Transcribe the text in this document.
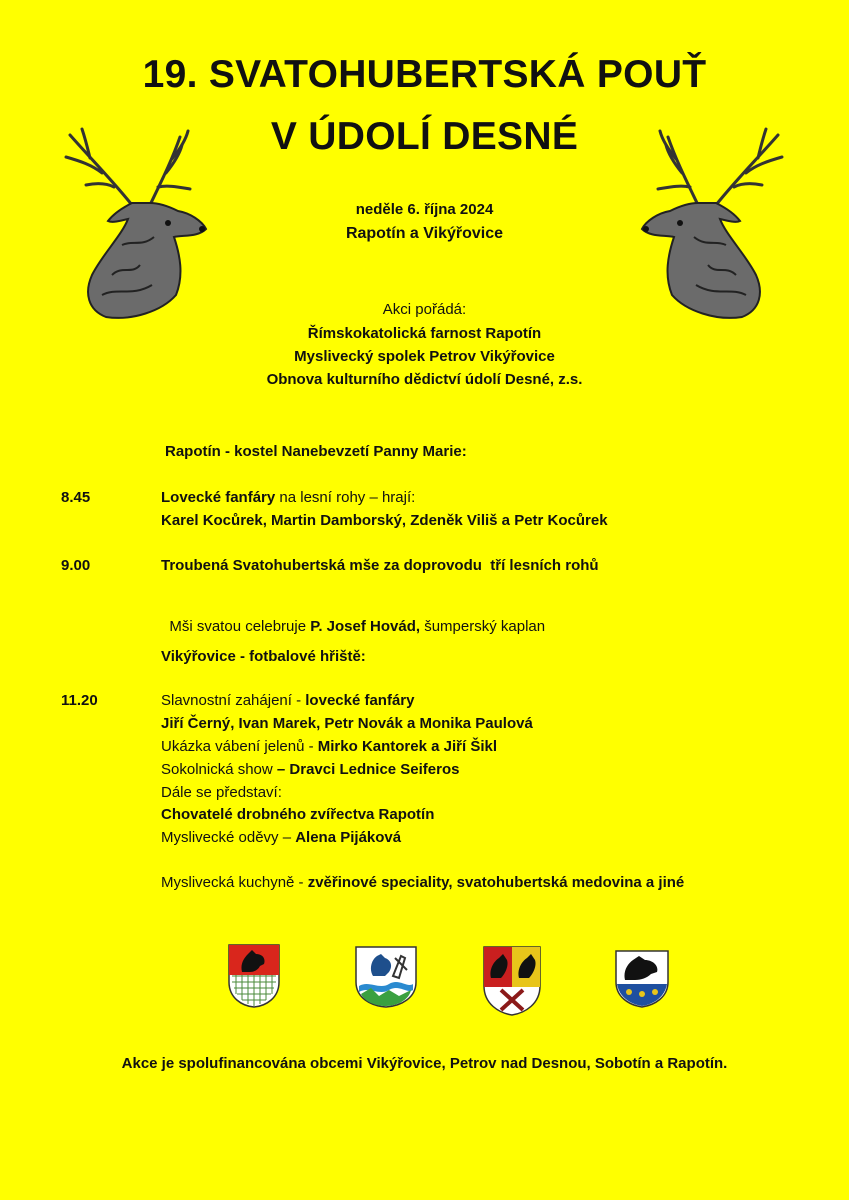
19. SVATOHUBERTSKÁ POUŤ
V ÚDOLÍ DESNÉ
neděle 6. října 2024
Rapotín a Vikýřovice
Akci pořádá:
Římskokatolická farnost Rapotín
Myslivecký spolek Petrov Vikýřovice
Obnova kulturního dědictví údolí Desné, z.s.
Rapotín - kostel Nanebevzetí Panny Marie:
8.45	Lovecké fanfáry na lesní rohy – hrají:
Karel Kocůrek, Martin Damborský, Zdeněk Viliš a Petr Kocůrek
9.00	Troubená Svatohubertská mše za doprovodu  tří lesních rohů

Mši svatou celebruje P. Josef Hovád, šumperský kaplan

Vikýřovice - fotbalové hřiště:
11.20	Slavnostní zahájení - lovecké fanfáry
Jiří Černý, Ivan Marek, Petr Novák a Monika Paulová
Ukázka vábení jelenů - Mirko Kantorek a Jiří Šikl
Sokolnická show – Dravci Lednice Seiferos
Dále se představí:
Chovatelé drobného zvířectva Rapotín
Myslivecké oděvy – Alena Pijáková
Myslivecká kuchyně - zvěřinové speciality, svatohubertská medovina a jiné
Akce je spolufinancována obcemi Vikýřovice, Petrov nad Desnou, Sobotín a Rapotín.
